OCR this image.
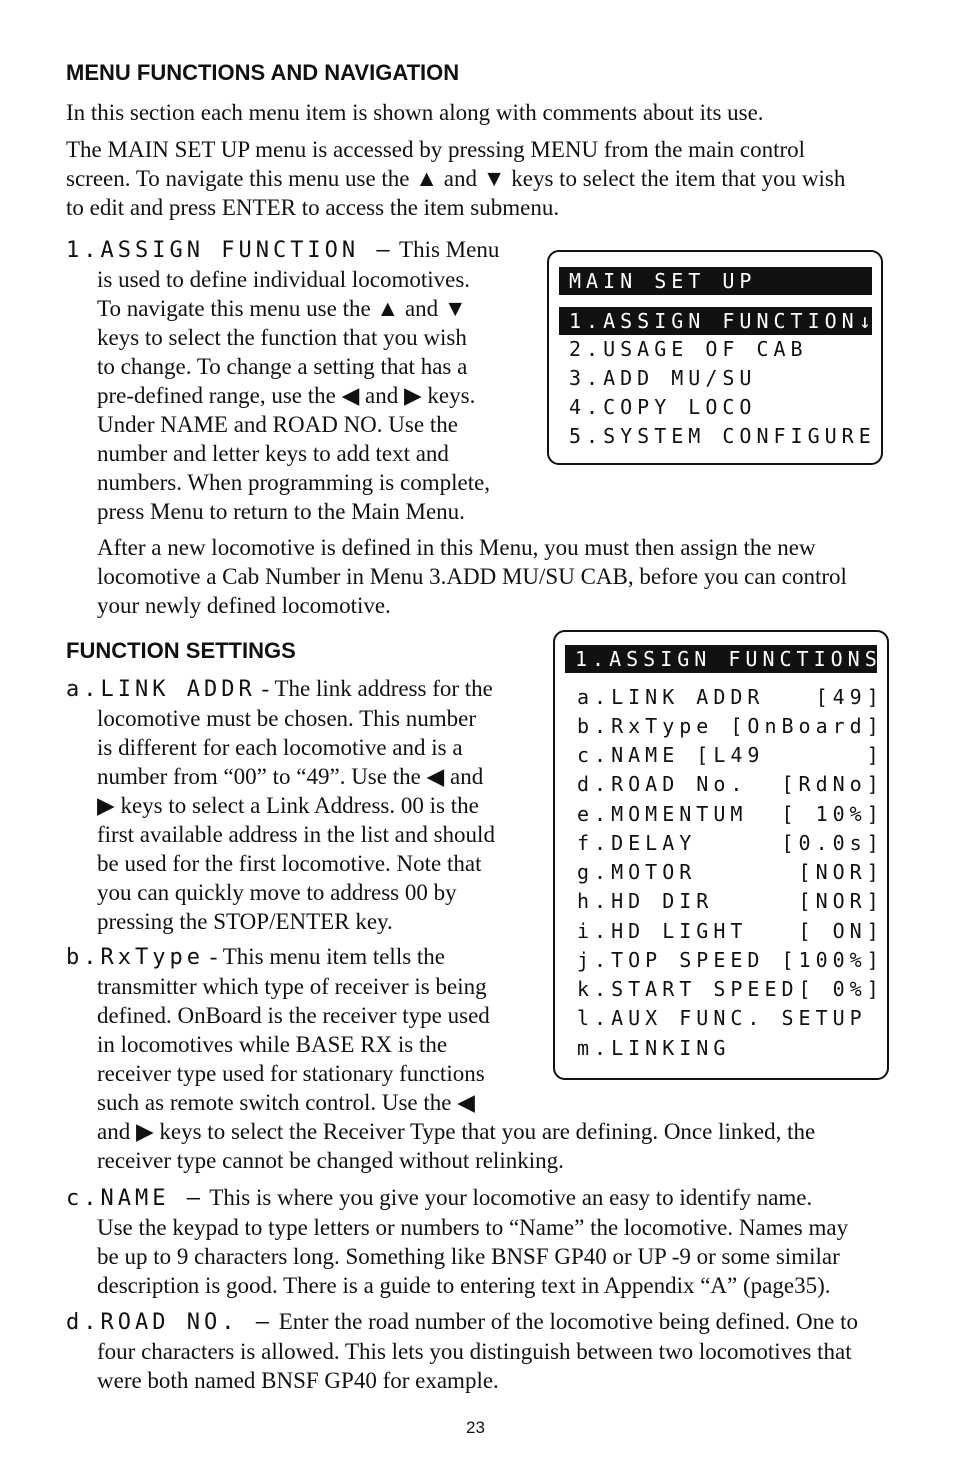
MENU FUNCTIONS AND NAVIGATION
In this section each menu item is shown along with comments about its use.
The MAIN SET UP menu is accessed by pressing MENU from the main control
screen. To navigate this menu use the ▲ and ▼ keys to select the item that you wish
to edit and press ENTER to access the item submenu.
1.ASSIGN FUNCTION – This Menu
is used to define individual locomotives.
To navigate this menu use the ▲ and ▼
keys to select the function that you wish
to change. To change a setting that has a
pre-defined range, use the ◀ and ▶ keys.
Under NAME and ROAD NO. Use the
number and letter keys to add text and
numbers. When programming is complete,
press Menu to return to the Main Menu.
After a new locomotive is defined in this Menu, you must then assign the new
locomotive a Cab Number in Menu 3.ADD MU/SU CAB, before you can control
your newly defined locomotive.
MAIN SET UP
1.ASSIGN FUNCTION↓
2.USAGE OF CAB
3.ADD MU/SU
4.COPY LOCO
5.SYSTEM CONFIGURE
FUNCTION SETTINGS	1.ASSIGN FUNCTIONS
a.LINK ADDR   [49]
b.RxType [OnBoard]
c.NAME [L49      ]
d.ROAD No.  [RdNo]
e.MOMENTUM  [ 10%]
f.DELAY     [0.0s]
g.MOTOR      [NOR]
h.HD DIR     [NOR]
i.HD LIGHT   [ ON]
j.TOP SPEED [100%]
k.START SPEED[ 0%]
l.AUX FUNC. SETUP
m.LINKING
a.LINK ADDR - The link address for the
locomotive must be chosen. This number
is different for each locomotive and is a
number from “00” to “49”. Use the ◀ and
▶ keys to select a Link Address. 00 is the
first available address in the list and should
be used for the first locomotive. Note that
you can quickly move to address 00 by
pressing the STOP/ENTER key.
b.RxType - This menu item tells the
transmitter which type of receiver is being
defined. OnBoard is the receiver type used
in locomotives while BASE RX is the
receiver type used for stationary functions
such as remote switch control. Use the ◀
and ▶ keys to select the Receiver Type that you are defining. Once linked, the
receiver type cannot be changed without relinking.
c.NAME – This is where you give your locomotive an easy to identify name.
Use the keypad to type letters or numbers to “Name” the locomotive. Names may
be up to 9 characters long. Something like BNSF GP40 or UP -9 or some similar
description is good. There is a guide to entering text in Appendix “A” (page35).
d.ROAD NO. – Enter the road number of the locomotive being defined. One to
four characters is allowed. This lets you distinguish between two locomotives that
were both named BNSF GP40 for example.
23
